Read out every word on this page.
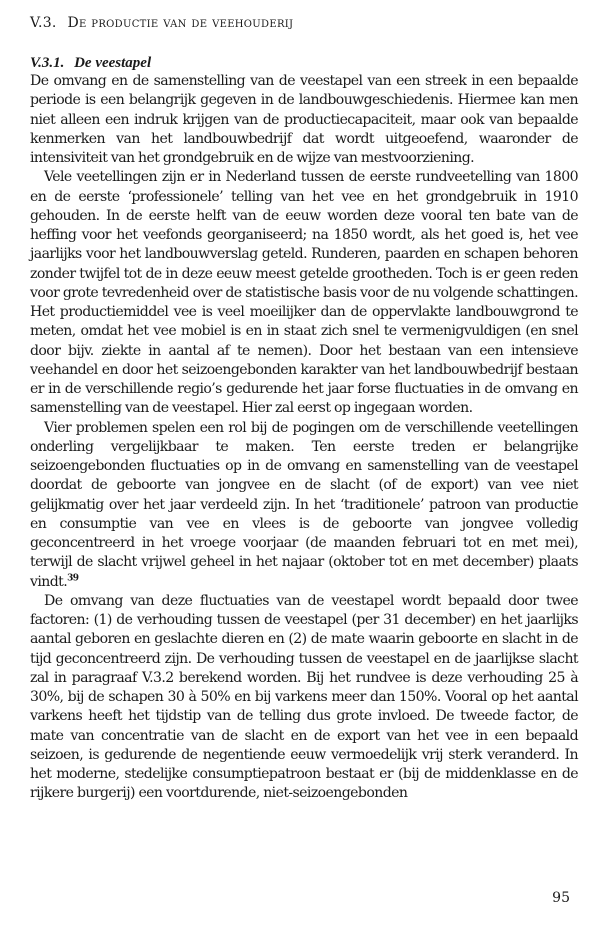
V.3. De productie van de veehouderij
V.3.1. De veestapel

De omvang en de samenstelling van de veestapel van een streek in een bepaalde periode is een belangrijk gegeven in de landbouwgeschiedenis. Hiermee kan men niet alleen een indruk krijgen van de productiecapaciteit, maar ook van bepaalde kenmerken van het landbouwbedrijf dat wordt uitgeoefend, waaronder de intensiviteit van het grondgebruik en de wijze van mestvoorziening.

Vele veetellingen zijn er in Nederland tussen de eerste rundveetelling van 1800 en de eerste ‘professionele’ telling van het vee en het grondgebruik in 1910 gehouden. In de eerste helft van de eeuw worden deze vooral ten bate van de heffing voor het veefonds georganiseerd; na 1850 wordt, als het goed is, het vee jaarlijks voor het landbouwverslag geteld. Runderen, paarden en schapen behoren zonder twijfel tot de in deze eeuw meest getelde grootheden. Toch is er geen reden voor grote tevredenheid over de statistische basis voor de nu volgende schattingen. Het productiemiddel vee is veel moeilijker dan de oppervlakte landbouwgrond te meten, omdat het vee mobiel is en in staat zich snel te vermenigvuldigen (en snel door bijv. ziekte in aantal af te nemen). Door het bestaan van een intensieve veehandel en door het seizoengebonden karakter van het landbouwbedrijf bestaan er in de verschillende regio’s gedurende het jaar forse fluctuaties in de omvang en samenstelling van de veestapel. Hier zal eerst op ingegaan worden.

Vier problemen spelen een rol bij de pogingen om de verschillende veetellingen onderling vergelijkbaar te maken. Ten eerste treden er belangrijke seizoengebonden fluctuaties op in de omvang en samenstelling van de veestapel doordat de geboorte van jongvee en de slacht (of de export) van vee niet gelijkmatig over het jaar verdeeld zijn. In het ‘traditionele’ patroon van productie en consumptie van vee en vlees is de geboorte van jongvee volledig geconcentreerd in het vroege voorjaar (de maanden februari tot en met mei), terwijl de slacht vrijwel geheel in het najaar (oktober tot en met december) plaats vindt.$^{39}$

De omvang van deze fluctuaties van de veestapel wordt bepaald door twee factoren: (1) de verhouding tussen de veestapel (per 31 december) en het jaarlijks aantal geboren en geslachte dieren en (2) de mate waarin geboorte en slacht in de tijd geconcentreerd zijn. De verhouding tussen de veestapel en de jaarlijkse slacht zal in paragraaf V.3.2 berekend worden. Bij het rundvee is deze verhouding 25 à 30%, bij de schapen 30 à 50% en bij varkens meer dan 150%. Vooral op het aantal varkens heeft het tijdstip van de telling dus grote invloed. De tweede factor, de mate van concentratie van de slacht en de export van het vee in een bepaald seizoen, is gedurende de negentiende eeuw vermoedelijk vrij sterk veranderd. In het moderne, stedelijke consumptiepatroon bestaat er (bij de middenklasse en de rijkere burgerij) een voortdurende, niet-seizoengebonden

95
